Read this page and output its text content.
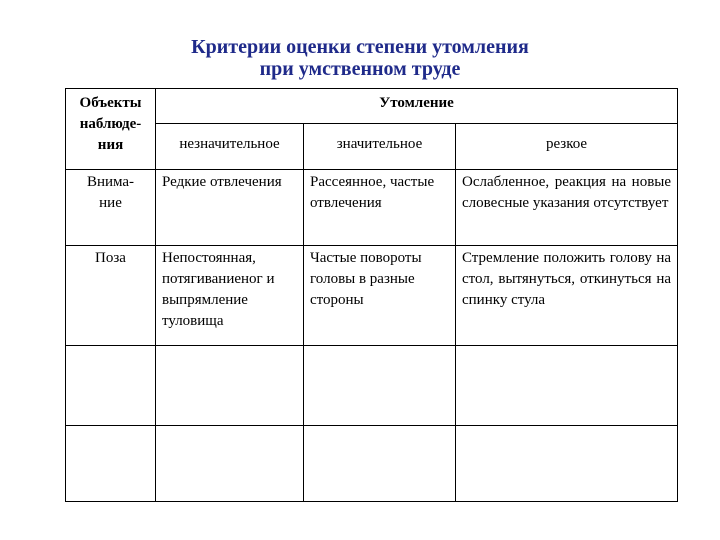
Критерии оценки степени утомления
при умственном труде
Объекты
наблюде-
ния	Утомление		
	незначительное	значительное	резкое

Внима-
ние	Редкие отвлечения	Рассеянное, частые отвлечения	Ослабленное, реакция на новые словесные указания отсутствует
Поза	Непостоянная, потягиваниеног и выпрямление туловища	Частые повороты головы в разные стороны	Стремление положить голову на стол, вытянуться, откинуться на спинку стула
